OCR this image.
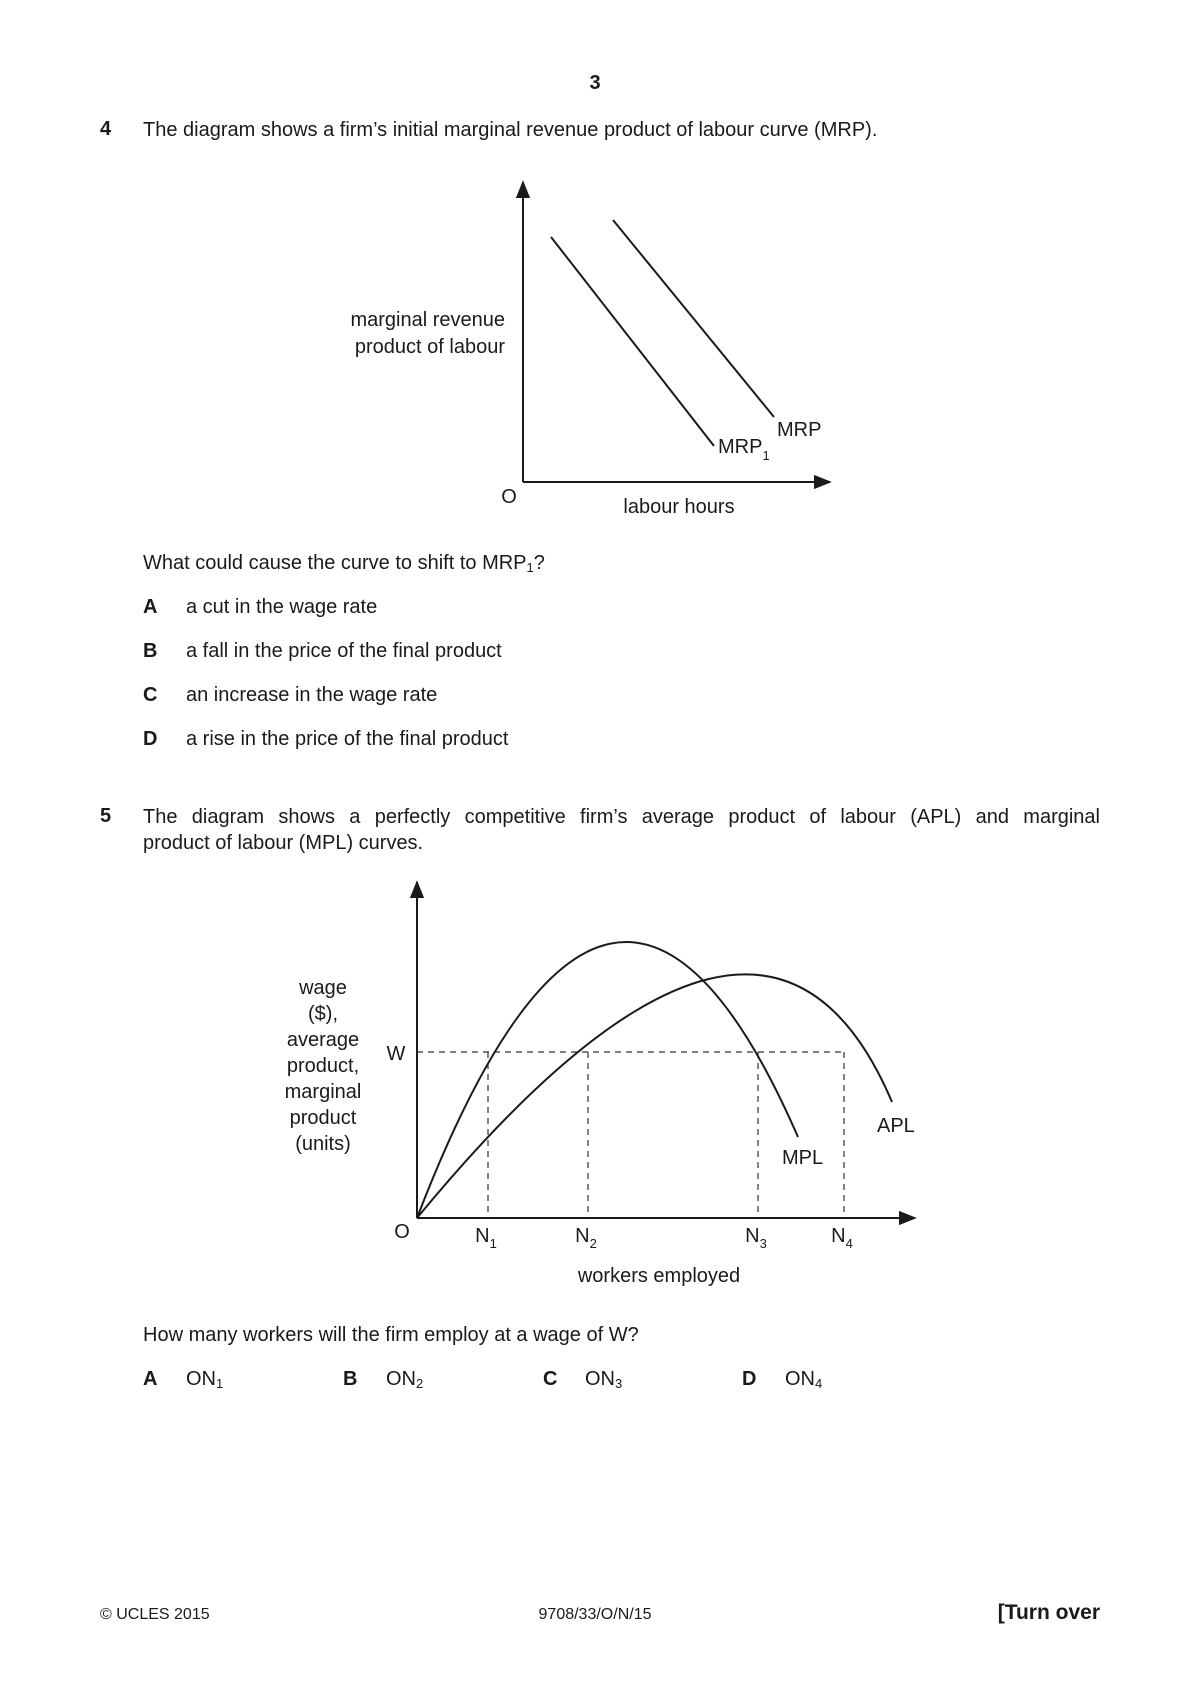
3
4 The diagram shows a firm’s initial marginal revenue product of labour curve (MRP).
marginal revenue
product of labour
O	labour hours
MRP
$MRP_1$
What could cause the curve to shift to $MRP_1$?
A a cut in the wage rate
B a fall in the price of the final product
C an increase in the wage rate
D a rise in the price of the final product
5 The diagram shows a perfectly competitive firm’s average product of labour (APL) and marginal
product of labour (MPL) curves.
wage
($),
average
product,
marginal
product
(units)
W
O	$N_1$	$N_2$	$N_3$	$N_4$
APL
MPL
workers employed
How many workers will the firm employ at a wage of W?
A $ON_1$	B $ON_2$	C $ON_3$	D $ON_4$
© UCLES 2015	9708/33/O/N/15	[Turn over
